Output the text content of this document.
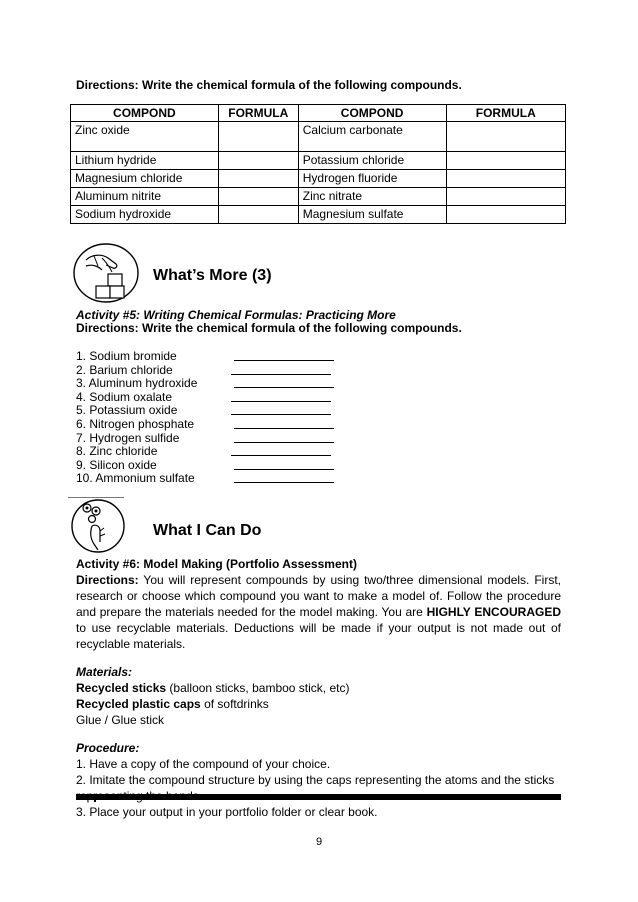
Directions: Write the chemical formula of the following compounds.
COMPOND	FORMULA	COMPOND	FORMULA
Zinc oxide		Calcium carbonate	
Lithium hydride		Potassium chloride	
Magnesium chloride		Hydrogen fluoride	
Aluminum nitrite		Zinc nitrate	
Sodium hydroxide		Magnesium sulfate	
What’s More (3)
Activity #5: Writing Chemical Formulas: Practicing More
Directions: Write the chemical formula of the following compounds.
1. Sodium bromide
2. Barium chloride
3. Aluminum hydroxide
4. Sodium oxalate
5. Potassium oxide
6. Nitrogen phosphate
7. Hydrogen sulfide
8. Zinc chloride
9. Silicon oxide
10. Ammonium sulfate
What I Can Do

Activity #6: Model Making (Portfolio Assessment)

Directions: You will represent compounds by using two/three dimensional models. First, research or choose which compound you want to make a model of. Follow the procedure and prepare the materials needed for the model making. You are HIGHLY ENCOURAGED to use recyclable materials. Deductions will be made if your output is not made out of recyclable materials.

Materials:

Recycled sticks (balloon sticks, bamboo stick, etc)

Recycled plastic caps of softdrinks

Glue / Glue stick

Procedure:

1. Have a copy of the compound of your choice.

2. Imitate the compound structure by using the caps representing the atoms and the sticks

3. Place your output in your portfolio folder or clear book.

9
